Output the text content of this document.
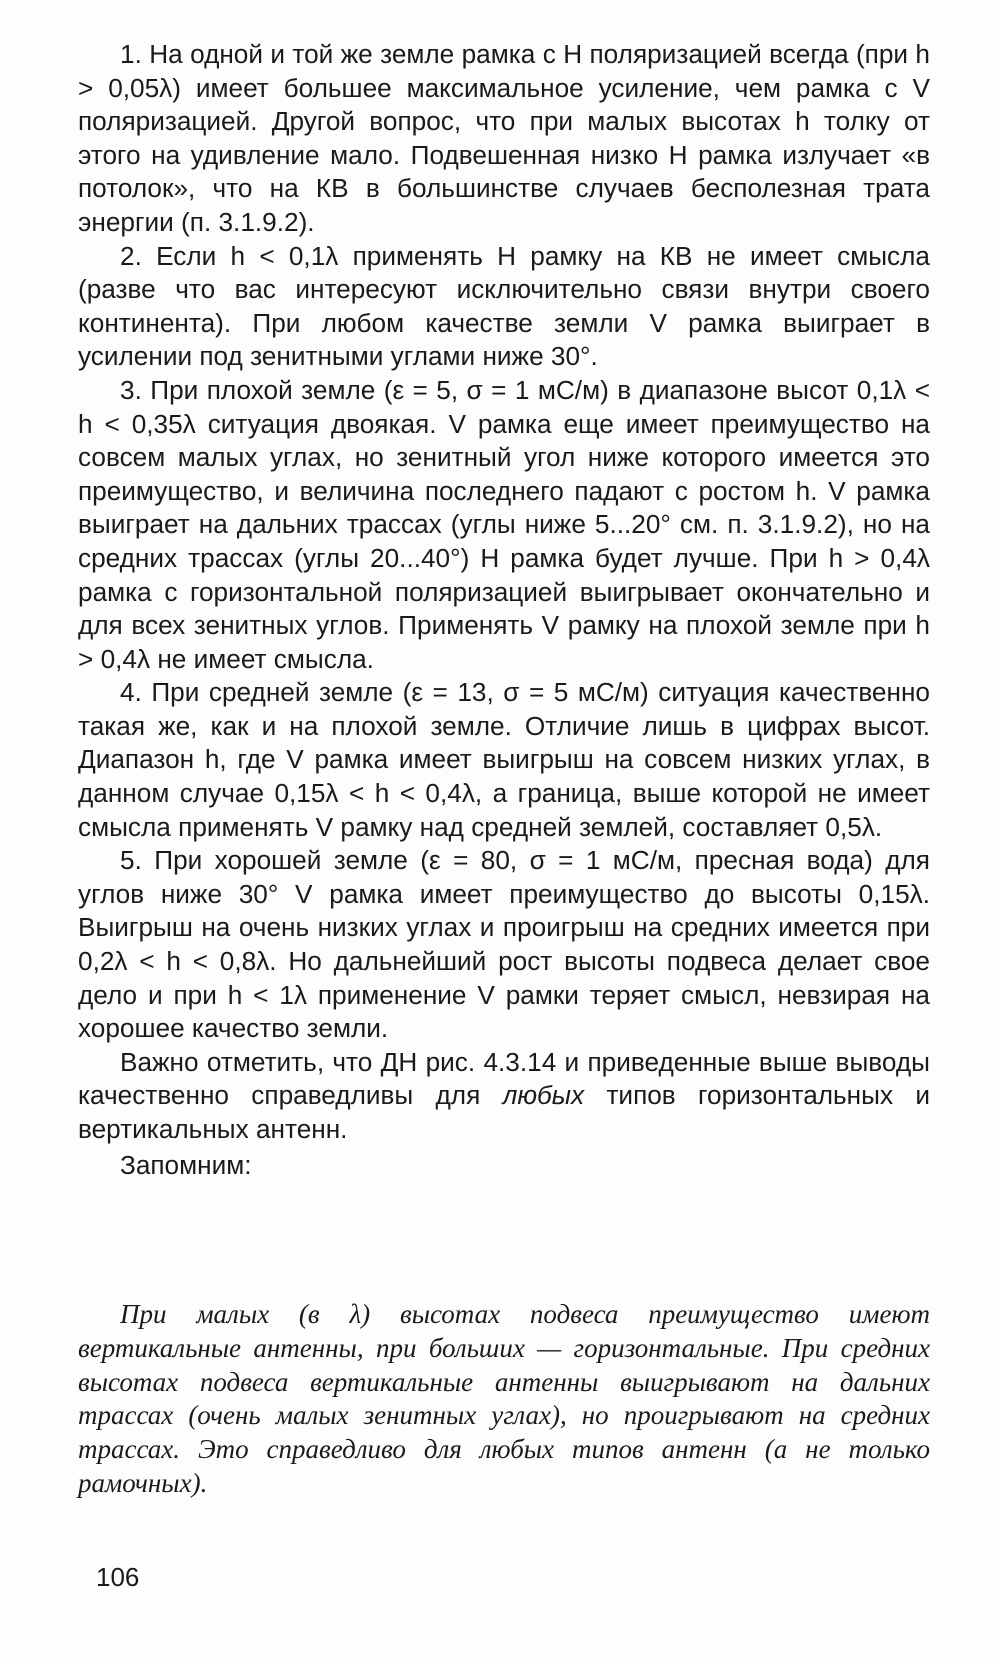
1. На одной и той же земле рамка с H поляризацией всегда (при h > 0,05λ) имеет большее максимальное усиление, чем рамка с V поляризацией. Другой вопрос, что при малых высотах h толку от этого на удивление мало. Подвешенная низко H рамка излучает «в потолок», что на КВ в большинстве случаев бесполезная трата энергии (п. 3.1.9.2).

2. Если h < 0,1λ применять H рамку на КВ не имеет смысла (разве что вас интересуют исключительно связи внутри своего континента). При любом качестве земли V рамка выиграет в усилении под зенитными углами ниже 30°.

3. При плохой земле (ε = 5, σ = 1 мС/м) в диапазоне высот 0,1λ < h < 0,35λ ситуация двоякая. V рамка еще имеет преимущество на совсем малых углах, но зенитный угол ниже которого имеется это преимущество, и величина последнего падают с ростом h. V рамка выиграет на дальних трассах (углы ниже 5...20° см. п. 3.1.9.2), но на средних трассах (углы 20...40°) H рамка будет лучше. При h > 0,4λ рамка с горизонтальной поляризацией выигрывает окончательно и для всех зенитных углов. Применять V рамку на плохой земле при h > 0,4λ не имеет смысла.

4. При средней земле (ε = 13, σ = 5 мС/м) ситуация качественно такая же, как и на плохой земле. Отличие лишь в цифрах высот. Диапазон h, где V рамка имеет выигрыш на совсем низких углах, в данном случае 0,15λ < h < 0,4λ, а граница, выше которой не имеет смысла применять V рамку над средней землей, составляет 0,5λ.

5. При хорошей земле (ε = 80, σ = 1 мС/м, пресная вода) для углов ниже 30° V рамка имеет преимущество до высоты 0,15λ. Выигрыш на очень низких углах и проигрыш на средних имеется при 0,2λ < h < 0,8λ. Но дальнейший рост высоты подвеса делает свое дело и при h < 1λ применение V рамки теряет смысл, невзирая на хорошее качество земли.

Важно отметить, что ДН рис. 4.3.14 и приведенные выше выводы качественно справедливы для любых типов горизонтальных и вертикальных антенн.

Запомним:

При малых (в λ) высотах подвеса преимущество имеют вертикальные антенны, при больших — горизонтальные. При средних высотах подвеса вертикальные антенны выигрывают на дальних трассах (очень малых зенитных углах), но проигрывают на средних трассах. Это справедливо для любых типов антенн (а не только рамочных).

106
